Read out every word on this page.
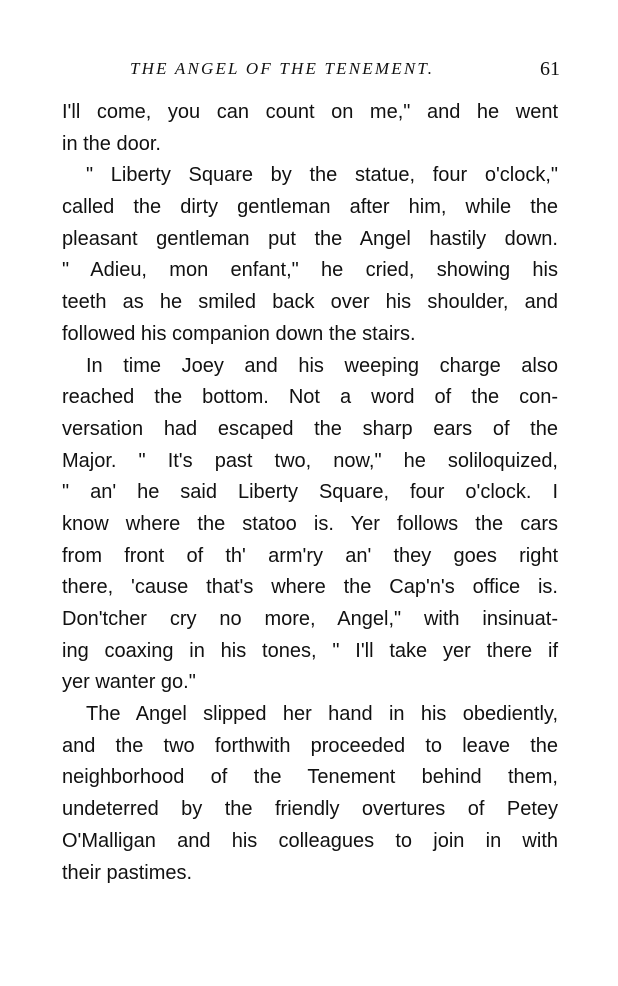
THE ANGEL OF THE TENEMENT.	61
I'll come, you can count on me," and he went
in the door.
" Liberty Square by the statue, four o'clock,"
called the dirty gentleman after him, while the
pleasant gentleman put the Angel hastily down.
" Adieu, mon enfant," he cried, showing his
teeth as he smiled back over his shoulder, and
followed his companion down the stairs.
In time Joey and his weeping charge also
reached the bottom. Not a word of the con-
versation had escaped the sharp ears of the
Major. " It's past two, now," he soliloquized,
" an' he said Liberty Square, four o'clock. I
know where the statoo is. Yer follows the cars
from front of th' arm'ry an' they goes right
there, 'cause that's where the Cap'n's office is.
Don'tcher cry no more, Angel," with insinuat-
ing coaxing in his tones, " I'll take yer there if
yer wanter go."
The Angel slipped her hand in his obediently,
and the two forthwith proceeded to leave the
neighborhood of the Tenement behind them,
undeterred by the friendly overtures of Petey
O'Malligan and his colleagues to join in with
their pastimes.
